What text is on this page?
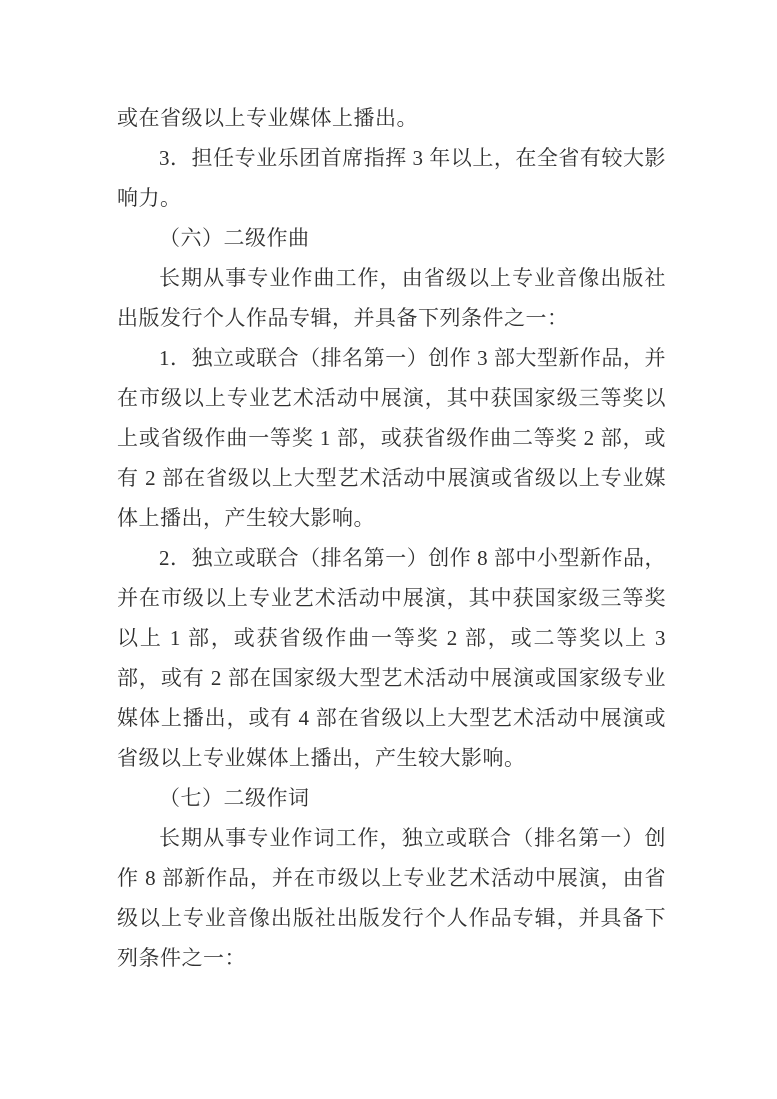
或在省级以上专业媒体上播出。

3．担任专业乐团首席指挥 3 年以上，在全省有较大影响力。

（六）二级作曲

长期从事专业作曲工作，由省级以上专业音像出版社出版发行个人作品专辑，并具备下列条件之一：

1．独立或联合（排名第一）创作 3 部大型新作品，并在市级以上专业艺术活动中展演，其中获国家级三等奖以上或省级作曲一等奖 1 部，或获省级作曲二等奖 2 部，或有 2 部在省级以上大型艺术活动中展演或省级以上专业媒体上播出，产生较大影响。

2．独立或联合（排名第一）创作 8 部中小型新作品，并在市级以上专业艺术活动中展演，其中获国家级三等奖以上 1 部，或获省级作曲一等奖 2 部，或二等奖以上 3 部，或有 2 部在国家级大型艺术活动中展演或国家级专业媒体上播出，或有 4 部在省级以上大型艺术活动中展演或省级以上专业媒体上播出，产生较大影响。

（七）二级作词

长期从事专业作词工作，独立或联合（排名第一）创作 8 部新作品，并在市级以上专业艺术活动中展演，由省级以上专业音像出版社出版发行个人作品专辑，并具备下列条件之一：
